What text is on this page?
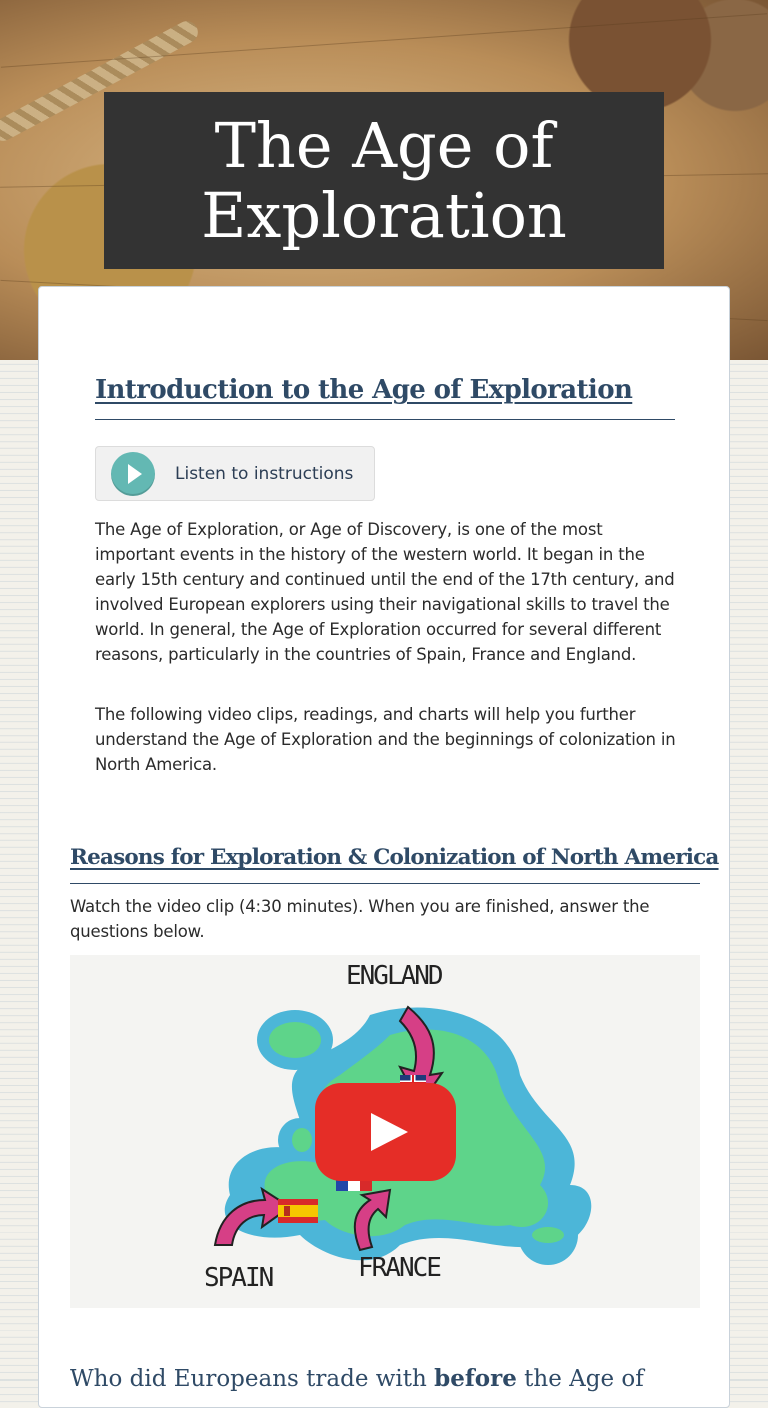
The Age of
Exploration
Introduction to the Age of Exploration
Listen to instructions

The Age of Exploration, or Age of Discovery, is one of the most important events in the history of the western world. It began in the early 15th century and continued until the end of the 17th century, and involved European explorers using their navigational skills to travel the world. In general, the Age of Exploration occurred for several different reasons, particularly in the countries of Spain, France and England.

The following video clips, readings, and charts will help you further understand the Age of Exploration and the beginnings of colonization in North America.

Reasons for Exploration & Colonization of North America

Watch the video clip (4:30 minutes). When you are finished, answer the questions below.

ENGLAND
SPAIN	FRANCE

Who did Europeans trade with before the Age of
